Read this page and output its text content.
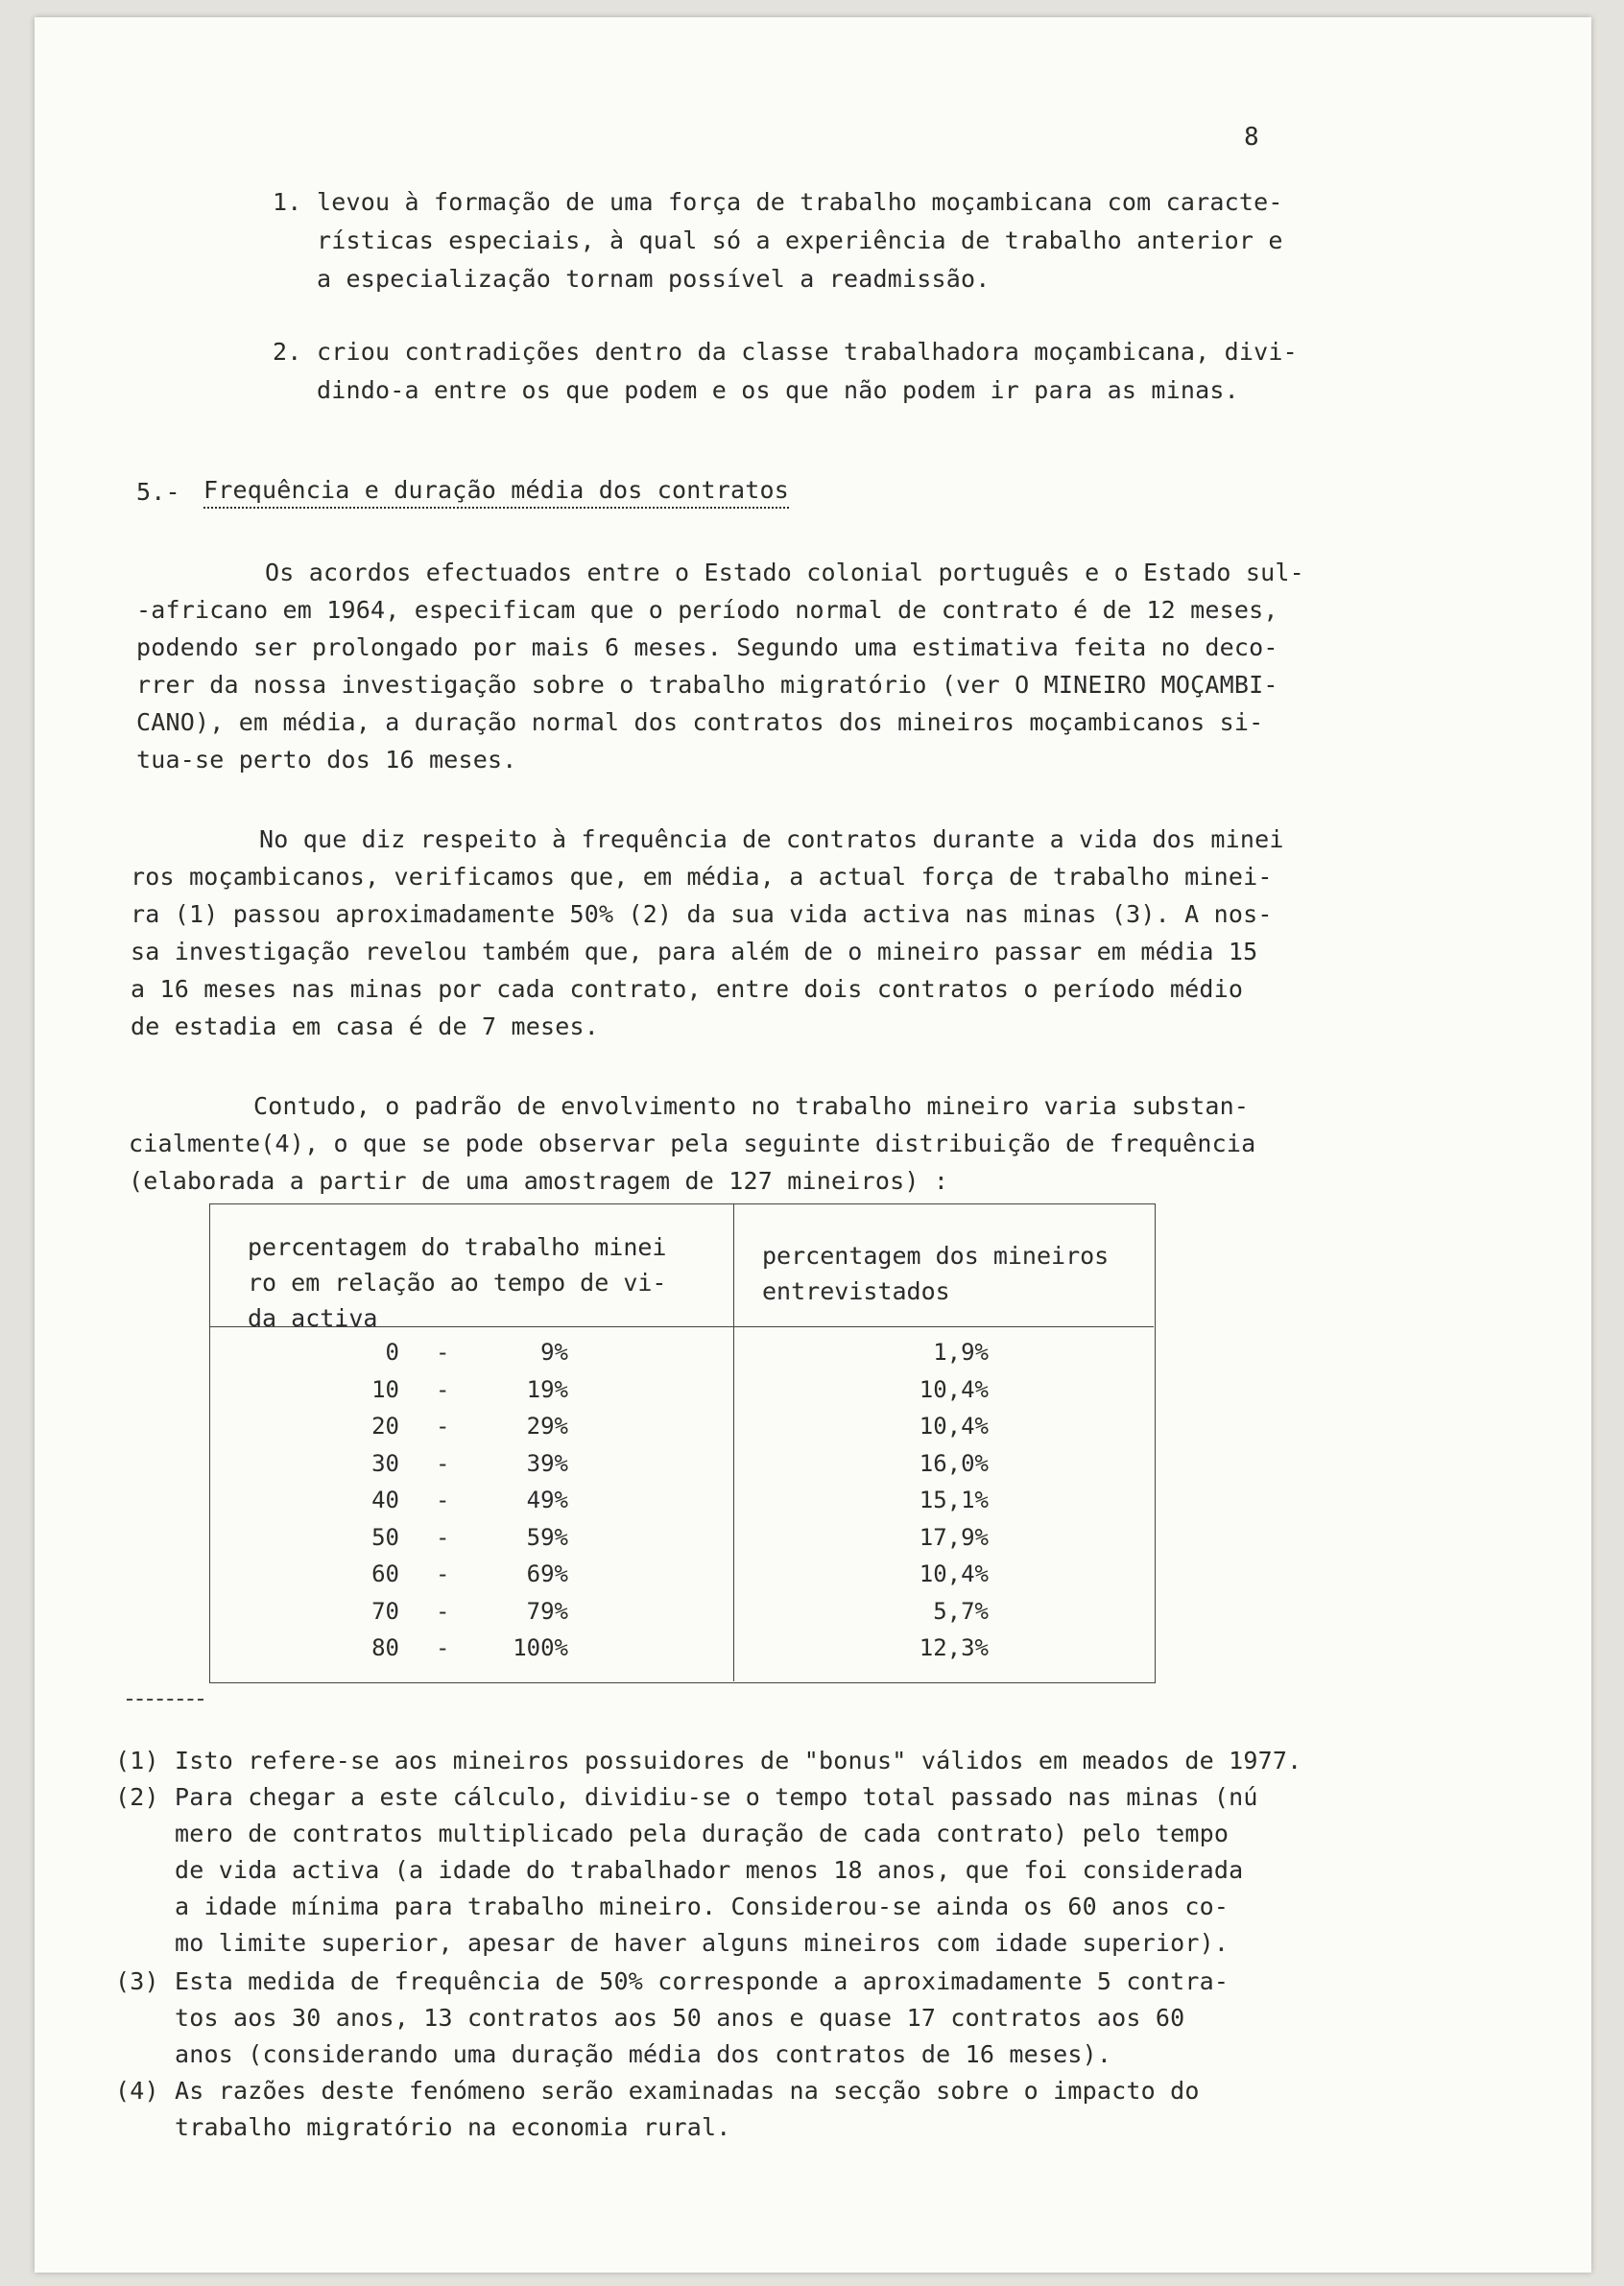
8
1. levou à formação de uma força de trabalho moçambicana com caracte-
rísticas especiais, à qual só a experiência de trabalho anterior e
a especialização tornam possível a readmissão.
2. criou contradições dentro da classe trabalhadora moçambicana, divi-
dindo-a entre os que podem e os que não podem ir para as minas.
5.- Frequência e duração média dos contratos
Os acordos efectuados entre o Estado colonial português e o Estado sul-
-africano em 1964, especificam que o período normal de contrato é de 12 meses,
podendo ser prolongado por mais 6 meses. Segundo uma estimativa feita no deco-
rrer da nossa investigação sobre o trabalho migratório (ver O MINEIRO MOÇAMBI-
CANO), em média, a duração normal dos contratos dos mineiros moçambicanos si-
tua-se perto dos 16 meses.
No que diz respeito à frequência de contratos durante a vida dos minei
ros moçambicanos, verificamos que, em média, a actual força de trabalho minei-
ra (1) passou aproximadamente 50% (2) da sua vida activa nas minas (3). A nos-
sa investigação revelou também que, para além de o mineiro passar em média 15
a 16 meses nas minas por cada contrato, entre dois contratos o período médio
de estadia em casa é de 7 meses.
Contudo, o padrão de envolvimento no trabalho mineiro varia substan-
cialmente(4), o que se pode observar pela seguinte distribuição de frequência
(elaborada a partir de uma amostragem de 127 mineiros) :
percentagem do trabalho minei
ro em relação ao tempo de vi-
da activa
percentagem dos mineiros
entrevistados
0 -	9%	1,9%
10 -	19%	10,4%
20 -	29%	10,4%
30 -	39%	16,0%
40 -	49%	15,1%
50 -	59%	17,9%
60 -	69%	10,4%
70 -	79%	5,7%
80 -	100%	12,3%
(1) Isto refere-se aos mineiros possuidores de "bonus" válidos em meados de 1977.
(2) Para chegar a este cálculo, dividiu-se o tempo total passado nas minas (nú
mero de contratos multiplicado pela duração de cada contrato) pelo tempo
de vida activa (a idade do trabalhador menos 18 anos, que foi considerada
a idade mínima para trabalho mineiro. Considerou-se ainda os 60 anos co-
mo limite superior, apesar de haver alguns mineiros com idade superior).
(3) Esta medida de frequência de 50% corresponde a aproximadamente 5 contra-
tos aos 30 anos, 13 contratos aos 50 anos e quase 17 contratos aos 60
anos (considerando uma duração média dos contratos de 16 meses).
(4) As razões deste fenómeno serão examinadas na secção sobre o impacto do
trabalho migratório na economia rural.
